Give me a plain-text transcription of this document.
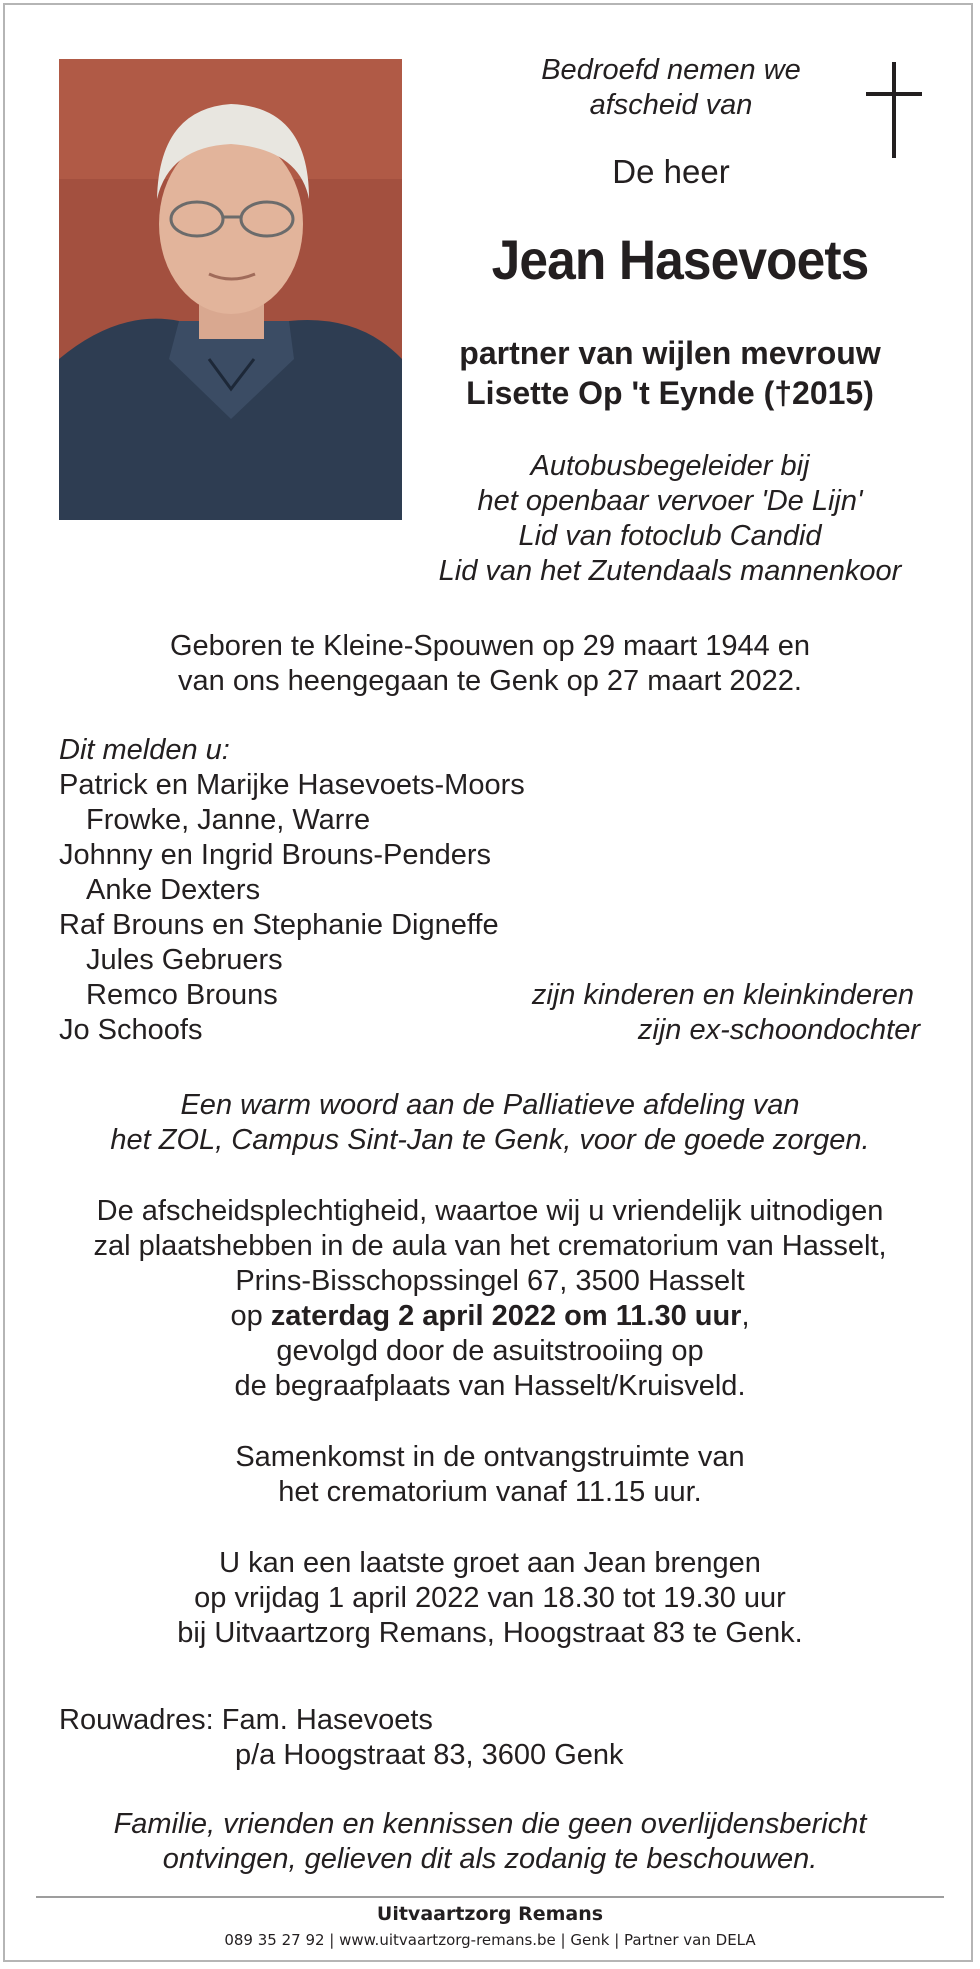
Bedroefd nemen we
afscheid van
De heer
Jean Hasevoets
partner van wijlen mevrouw
Lisette Op 't Eynde (†2015)
Autobusbegeleider bij
het openbaar vervoer 'De Lijn'
Lid van fotoclub Candid
Lid van het Zutendaals mannenkoor
Geboren te Kleine-Spouwen op 29 maart 1944 en
van ons heengegaan te Genk op 27 maart 2022.
Dit melden u:
Patrick en Marijke Hasevoets-Moors
Frowke, Janne, Warre
Johnny en Ingrid Brouns-Penders
Anke Dexters
Raf Brouns en Stephanie Digneffe
Jules Gebruers
Remco Brouns	zijn kinderen en kleinkinderen
Jo Schoofs	zijn ex-schoondochter
Een warm woord aan de Palliatieve afdeling van
het ZOL, Campus Sint-Jan te Genk, voor de goede zorgen.
De afscheidsplechtigheid, waartoe wij u vriendelijk uitnodigen
zal plaatshebben in de aula van het crematorium van Hasselt,
Prins-Bisschopssingel 67, 3500 Hasselt
op zaterdag 2 april 2022 om 11.30 uur,
gevolgd door de asuitstrooiing op
de begraafplaats van Hasselt/Kruisveld.
Samenkomst in de ontvangstruimte van
het crematorium vanaf 11.15 uur.
U kan een laatste groet aan Jean brengen
op vrijdag 1 april 2022 van 18.30 tot 19.30 uur
bij Uitvaartzorg Remans, Hoogstraat 83 te Genk.
Rouwadres: Fam. Hasevoets
p/a Hoogstraat 83, 3600 Genk
Familie, vrienden en kennissen die geen overlijdensbericht
ontvingen, gelieven dit als zodanig te beschouwen.
Uitvaartzorg Remans
089 35 27 92 | www.uitvaartzorg-remans.be | Genk | Partner van DELA
